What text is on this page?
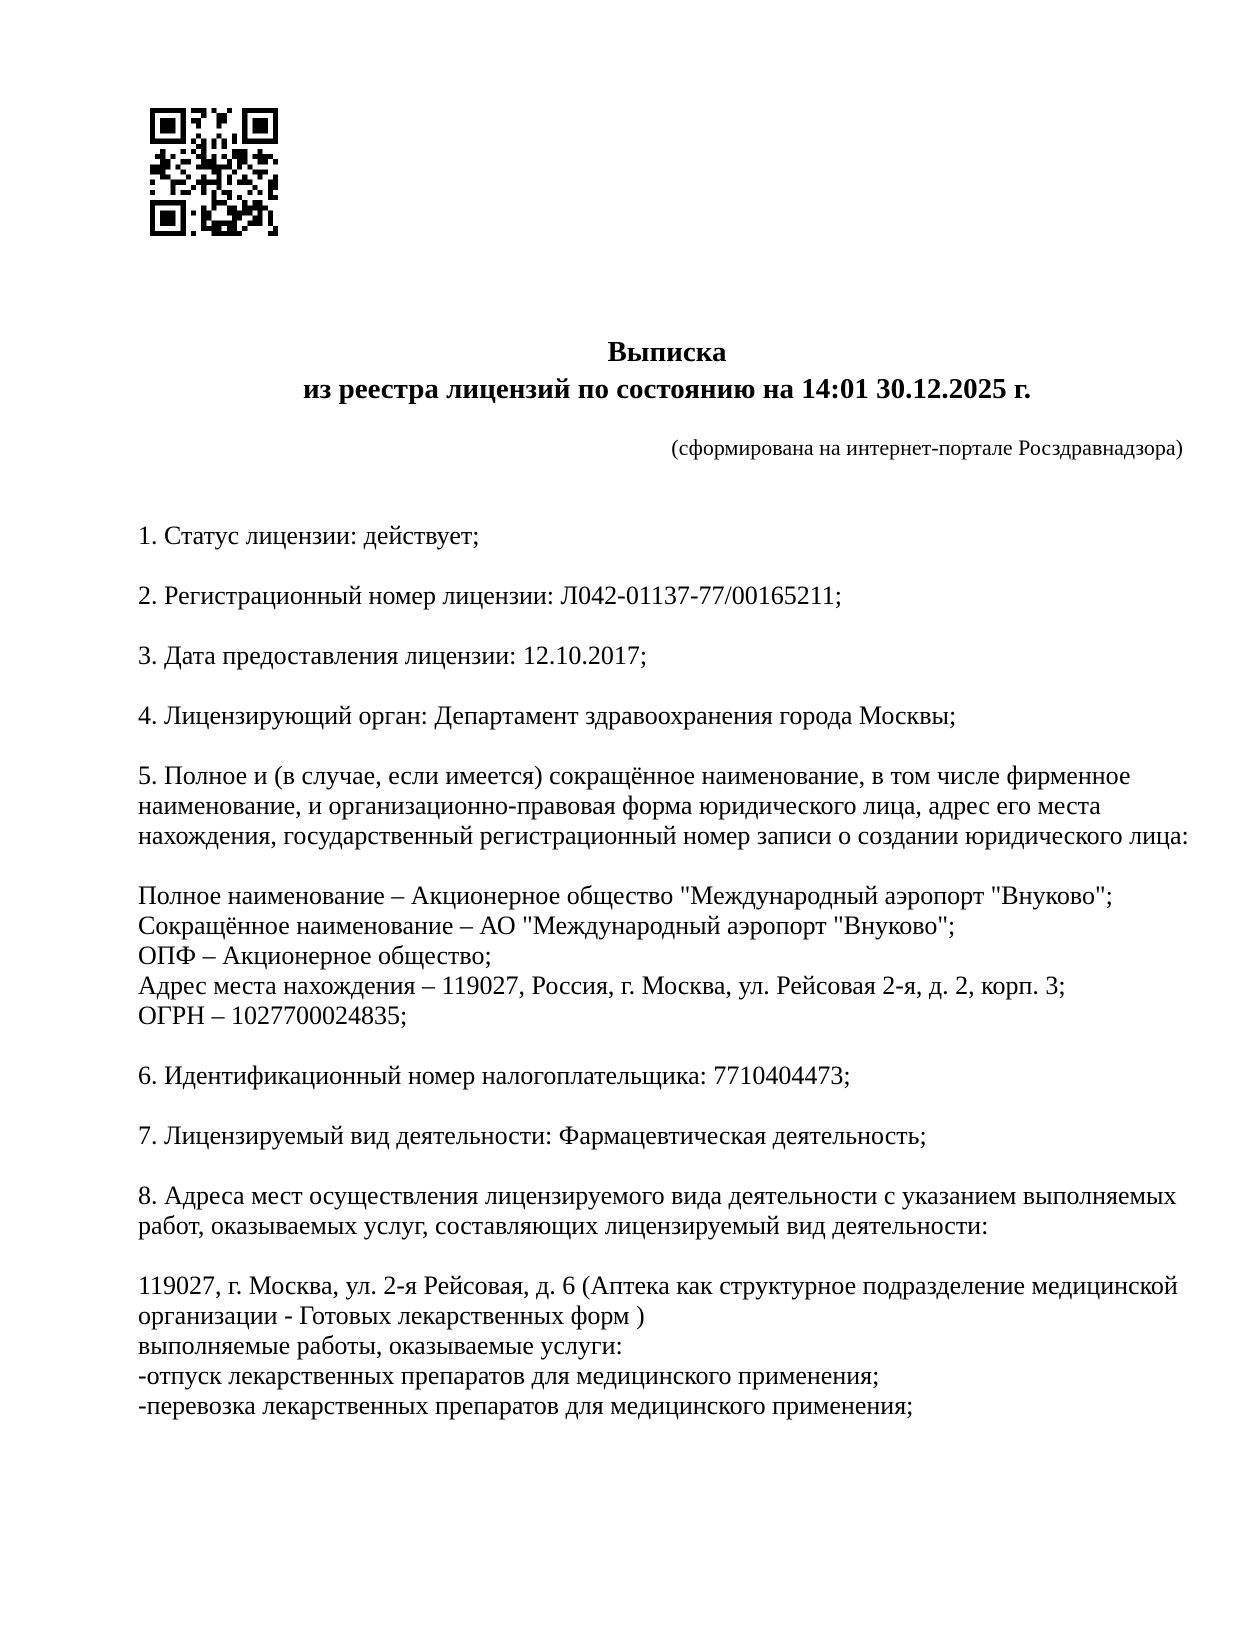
Выписка
из реестра лицензий по состоянию на 14:01 30.12.2025 г.
(сформирована на интернет-портале Росздравнадзора)
1. Статус лицензии: действует;
2. Регистрационный номер лицензии: Л042-01137-77/00165211;
3. Дата предоставления лицензии: 12.10.2017;
4. Лицензирующий орган: Департамент здравоохранения города Москвы;
5. Полное и (в случае, если имеется) сокращённое наименование, в том числе фирменное
наименование, и организационно-правовая форма юридического лица, адрес его места
нахождения, государственный регистрационный номер записи о создании юридического лица:
Полное наименование – Акционерное общество "Международный аэропорт "Внуково";
Сокращённое наименование – АО "Международный аэропорт "Внуково";
ОПФ – Акционерное общество;
Адрес места нахождения – 119027, Россия, г. Москва, ул. Рейсовая 2-я, д. 2, корп. 3;
ОГРН – 1027700024835;
6. Идентификационный номер налогоплательщика: 7710404473;
7. Лицензируемый вид деятельности: Фармацевтическая деятельность;
8. Адреса мест осуществления лицензируемого вида деятельности с указанием выполняемых
работ, оказываемых услуг, составляющих лицензируемый вид деятельности:
119027, г. Москва, ул. 2-я Рейсовая, д. 6 (Аптека как структурное подразделение медицинской
организации - Готовых лекарственных форм )
выполняемые работы, оказываемые услуги:
-отпуск лекарственных препаратов для медицинского применения;
-перевозка лекарственных препаратов для медицинского применения;
